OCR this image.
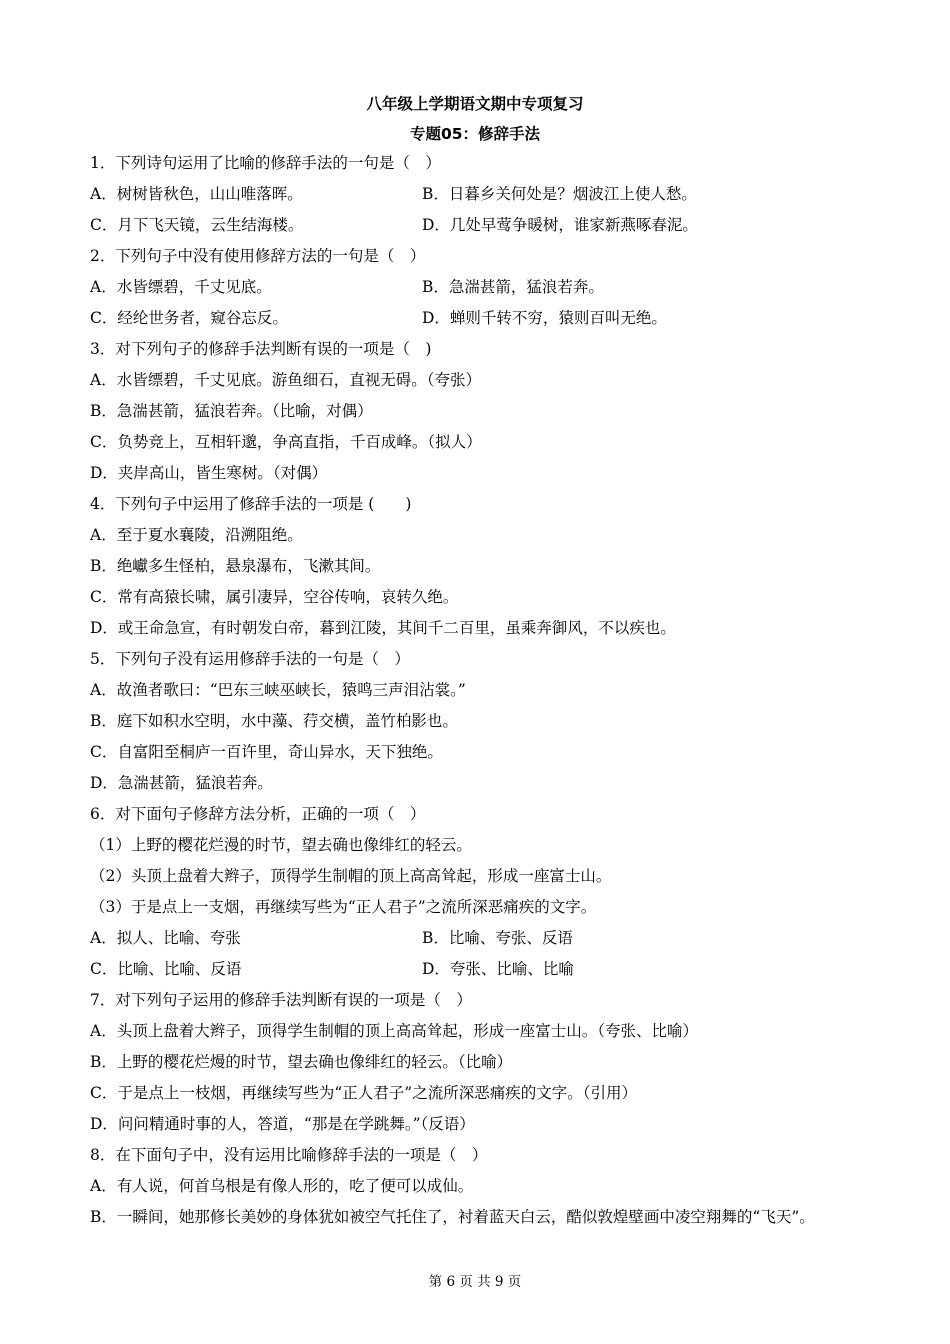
八年级上学期语文期中专项复习
专题05：修辞手法
1．下列诗句运用了比喻的修辞手法的一句是（　）
A．树树皆秋色，山山唯落晖。	B．日暮乡关何处是？烟波江上使人愁。
C．月下飞天镜，云生结海楼。	D．几处早莺争暖树，谁家新燕啄春泥。
2．下列句子中没有使用修辞方法的一句是（　）
A．水皆缥碧，千丈见底。	B．急湍甚箭，猛浪若奔。
C．经纶世务者，窥谷忘反。	D．蝉则千转不穷，猿则百叫无绝。
3．对下列句子的修辞手法判断有误的一项是（　)
A．水皆缥碧，千丈见底。游鱼细石，直视无碍。（夸张）
B．急湍甚箭，猛浪若奔。（比喻，对偶）
C．负势竞上，互相轩邈，争高直指，千百成峰。（拟人）
D．夹岸高山，皆生寒树。（对偶）
4．下列句子中运用了修辞手法的一项是 (　　)
A．至于夏水襄陵，沿溯阻绝。
B．绝巘多生怪柏，悬泉瀑布，飞漱其间。
C．常有高猿长啸，属引凄异，空谷传响，哀转久绝。
D．或王命急宣，有时朝发白帝，暮到江陵，其间千二百里，虽乘奔御风，不以疾也。
5．下列句子没有运用修辞手法的一句是（　）
A．故渔者歌曰：“巴东三峡巫峡长，猿鸣三声泪沾裳。”
B．庭下如积水空明，水中藻、荇交横，盖竹柏影也。
C．自富阳至桐庐一百许里，奇山异水，天下独绝。
D．急湍甚箭，猛浪若奔。
6．对下面句子修辞方法分析，正确的一项（　）
（1）上野的樱花烂漫的时节，望去确也像绯红的轻云。
（2）头顶上盘着大辫子，顶得学生制帽的顶上高高耸起，形成一座富士山。
（3）于是点上一支烟，再继续写些为“正人君子”之流所深恶痛疾的文字。
A．拟人、比喻、夸张	B．比喻、夸张、反语
C．比喻、比喻、反语	D．夸张、比喻、比喻
7．对下列句子运用的修辞手法判断有误的一项是（　）
A．头顶上盘着大辫子，顶得学生制帽的顶上高高耸起，形成一座富士山。（夸张、比喻）
B．上野的樱花烂熳的时节，望去确也像绯红的轻云。（比喻）
C．于是点上一枝烟，再继续写些为“正人君子”之流所深恶痛疾的文字。（引用）
D．问问精通时事的人，答道，“那是在学跳舞。”（反语）
8．在下面句子中，没有运用比喻修辞手法的一项是（　）
A．有人说，何首乌根是有像人形的，吃了便可以成仙。
B．一瞬间，她那修长美妙的身体犹如被空气托住了，衬着蓝天白云，酷似敦煌壁画中凌空翔舞的“飞天”。
第 6 页 共 9 页
